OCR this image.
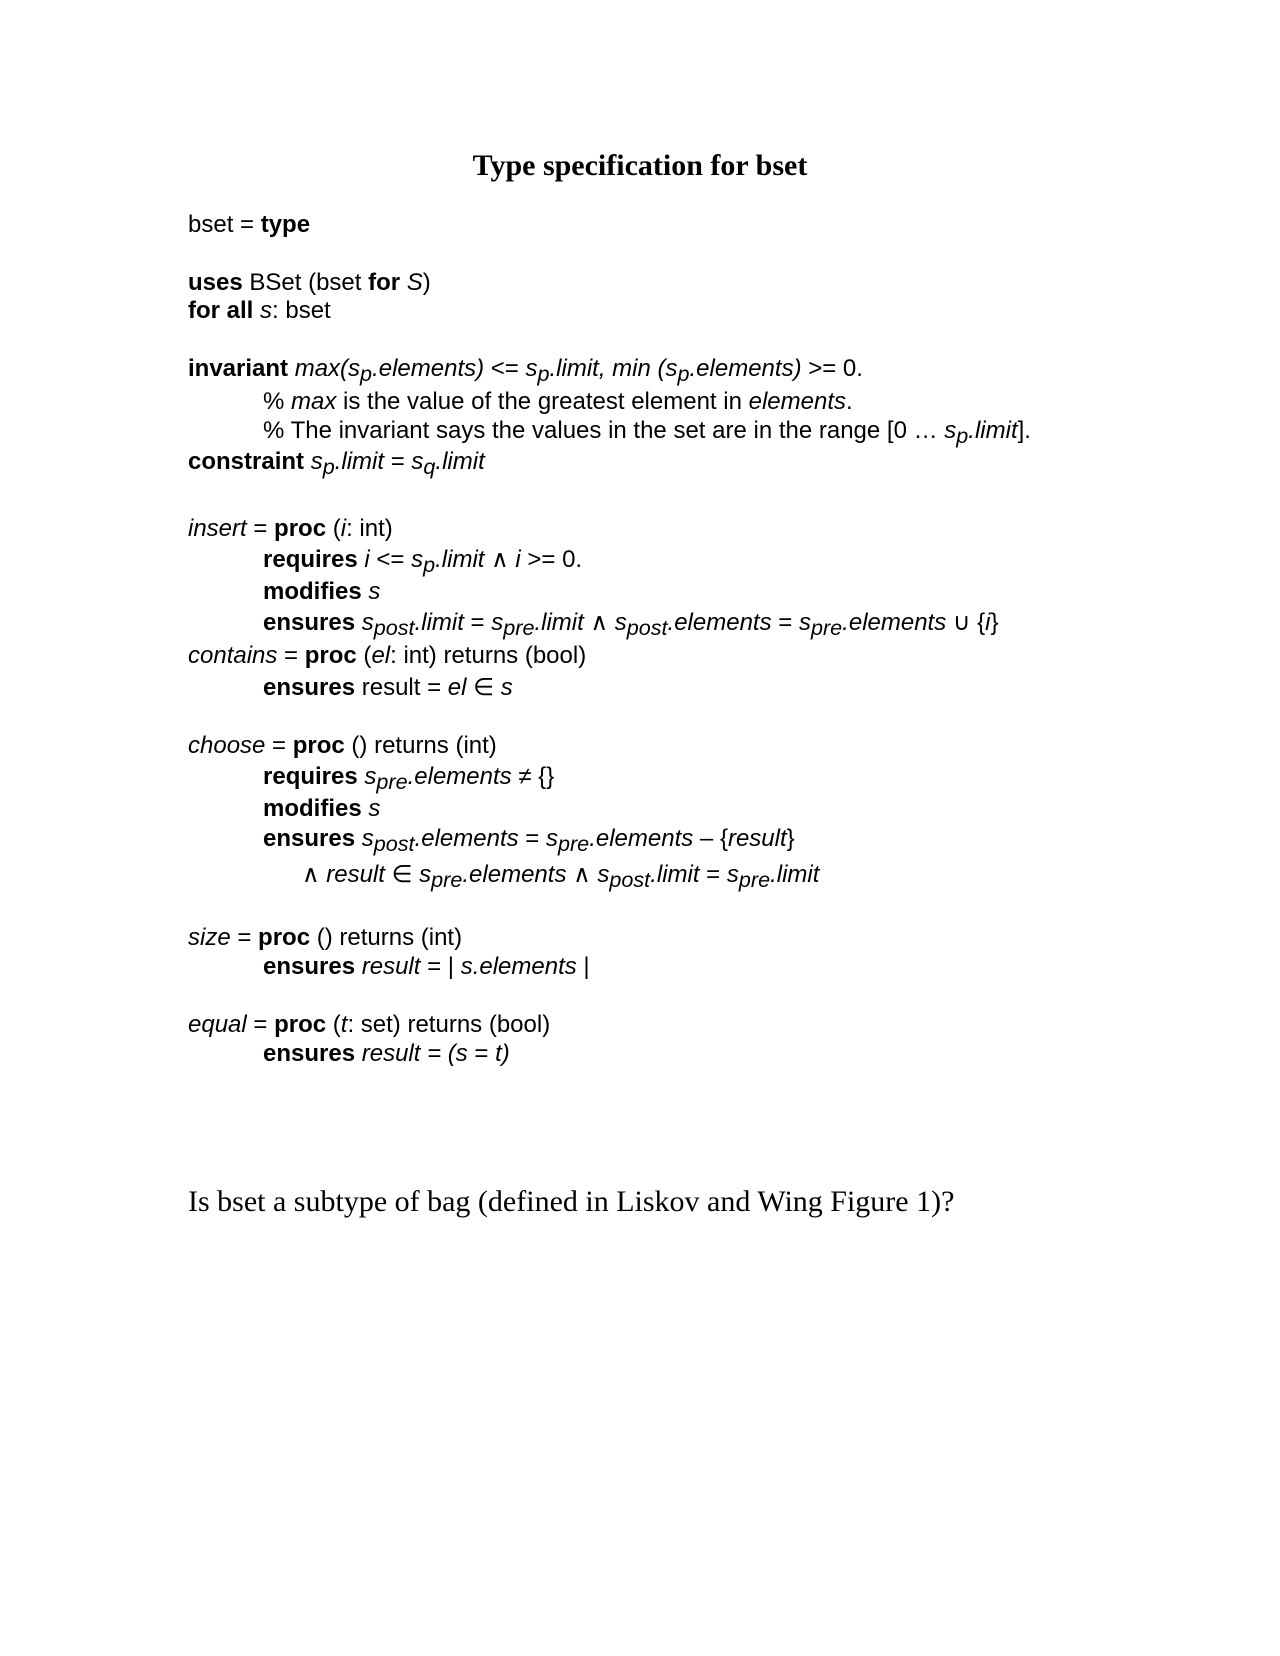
Type specification for bset
bset = type
uses BSet (bset for S)
for all s: bset
invariant $\max(s_p.elements)$ <= $s_p.limit$, $\min (s_p.elements) >= 0$.
% max is the value of the greatest element in elements.
% The invariant says the values in the set are in the range [0 … $s_p.limit$].
constraint $s_p.limit$ = $s_q.limit$
insert = proc (i: int)
requires $i <= s_p.limit$ ∧ i >= 0.
modifies s
ensures $s_{post}.limit$ = $s_{pre}.limit$ ∧ $s_{post}.elements$ = $s_{pre}.elements$ ∪ {i}
contains = proc (el: int) returns (bool)
ensures result = el ∈ s
choose = proc () returns (int)
requires $s_{pre}.elements$ ≠ {}
modifies s
ensures $s_{post}.elements$ = $s_{pre}.elements$ – {result}
∧ result ∈ $s_{pre}.elements$ ∧ $s_{post}.limit$ = $s_{pre}.limit$
size = proc () returns (int)
ensures result = | s.elements |
equal = proc (t: set) returns (bool)
ensures result = (s = t)
Is bset a subtype of bag (defined in Liskov and Wing Figure 1)?
